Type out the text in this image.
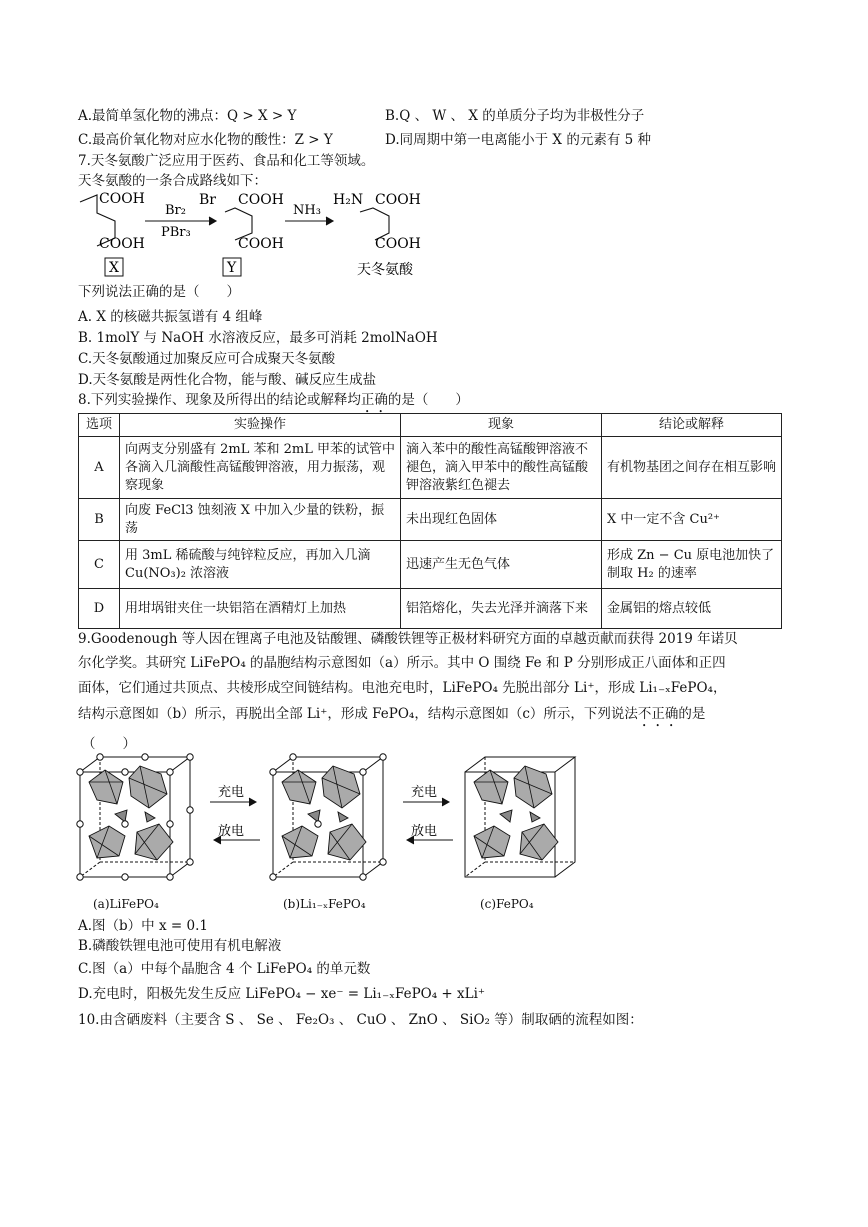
A.最简单氢化物的沸点：Q > X > Y	B.Q 、 W 、 X 的单质分子均为非极性分子
C.最高价氧化物对应水化物的酸性：Z > Y	D.同周期中第一电离能小于 X 的元素有 5 种
7.天冬氨酸广泛应用于医药、食品和化工等领域。
天冬氨酸的一条合成路线如下：
COOH
COOH
Br₂
PBr₃
Br COOH
COOH
NH₃
H₂N COOH
COOH
X	Y	天冬氨酸
下列说法正确的是（　　）
A. X 的核磁共振氢谱有 4 组峰
B. 1molY 与 NaOH 水溶液反应，最多可消耗 2molNaOH
C.天冬氨酸通过加聚反应可合成聚天冬氨酸
D.天冬氨酸是两性化合物，能与酸、碱反应生成盐
8.下列实验操作、现象及所得出的结论或解释均正确的是（　　）
选项	实验操作	现象	结论或解释
A	向两支分别盛有 2mL 苯和 2mL 甲苯的试管中各滴入几滴酸性高锰酸钾溶液，用力振荡，观察现象	滴入苯中的酸性高锰酸钾溶液不褪色，滴入甲苯中的酸性高锰酸钾溶液紫红色褪去	有机物基团之间存在相互影响
B	向废 FeCl3 蚀刻液 X 中加入少量的铁粉，振荡	未出现红色固体	X 中一定不含 Cu²⁺
C	用 3mL 稀硫酸与纯锌粒反应，再加入几滴 Cu(NO₃)₂ 浓溶液	迅速产生无色气体	形成 Zn − Cu 原电池加快了制取 H₂ 的速率
D	用坩埚钳夹住一块铝箔在酒精灯上加热	铝箔熔化，失去光泽并滴落下来	金属铝的熔点较低
9.Goodenough 等人因在锂离子电池及钴酸锂、磷酸铁锂等正极材料研究方面的卓越贡献而获得 2019 年诺贝
尔化学奖。其研究 LiFePO₄ 的晶胞结构示意图如（a）所示。其中 O 围绕 Fe 和 P 分别形成正八面体和正四
面体，它们通过共顶点、共棱形成空间链结构。电池充电时，LiFePO₄ 先脱出部分 Li⁺，形成 Li₁₋ₓFePO₄，
结构示意图如（b）所示，再脱出全部 Li⁺，形成 FePO₄，结构示意图如（c）所示，下列说法不正确的是
（　　）
充电
放电
充电
放电
(a)LiFePO₄	(b)Li₁₋ₓFePO₄	(c)FePO₄
A.图（b）中 x = 0.1
B.磷酸铁锂电池可使用有机电解液
C.图（a）中每个晶胞含 4 个 LiFePO₄ 的单元数
D.充电时，阳极先发生反应 LiFePO₄ − xe⁻ = Li₁₋ₓFePO₄ + xLi⁺
10.由含硒废料（主要含 S 、 Se 、 Fe₂O₃ 、 CuO 、 ZnO 、 SiO₂ 等）制取硒的流程如图：
